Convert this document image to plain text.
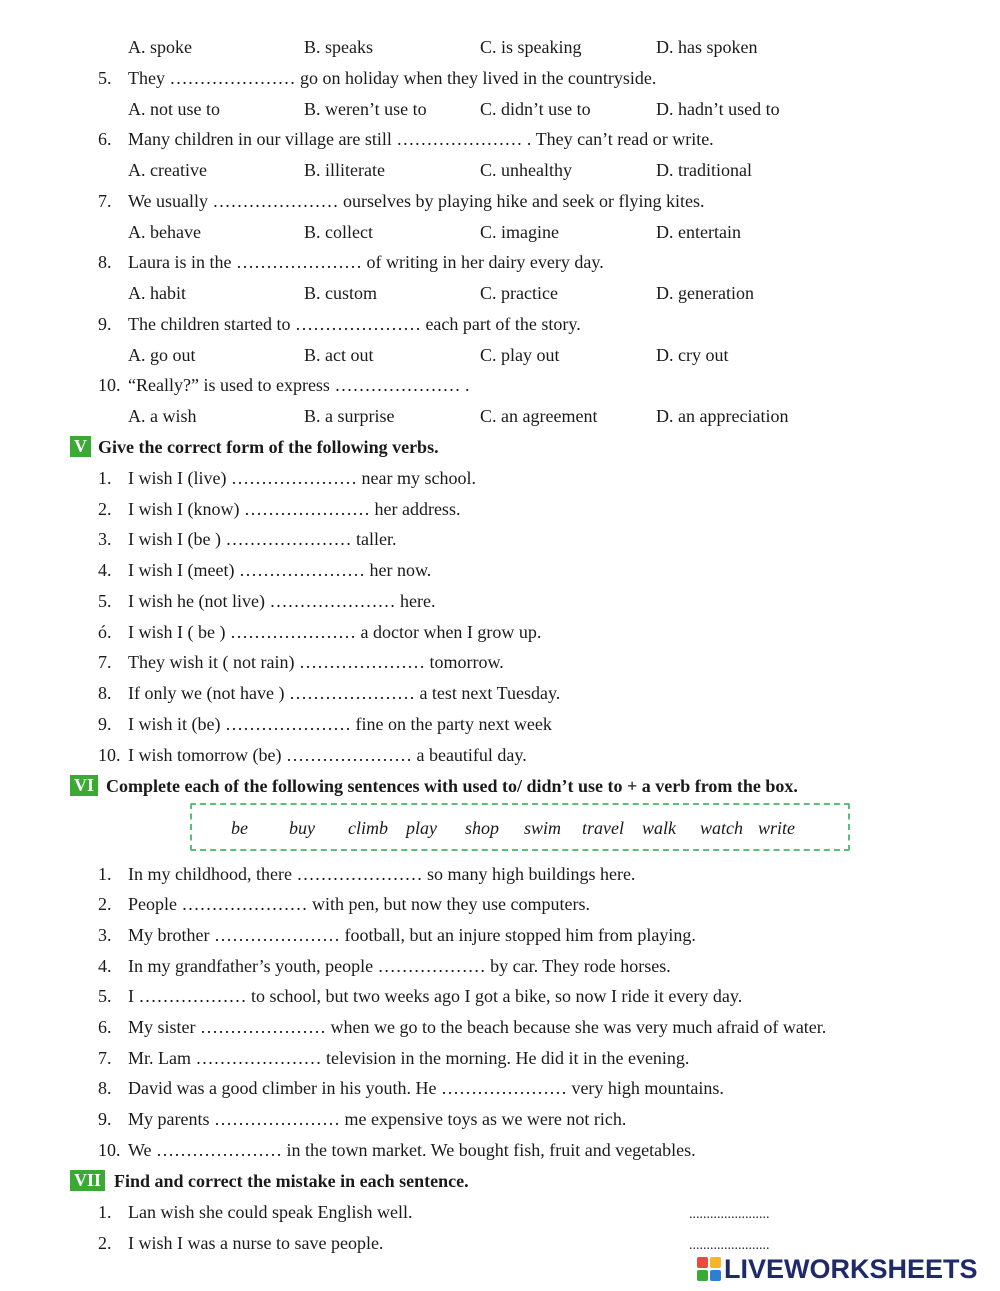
A. spoke	B. speaks	C. is speaking	D. has spoken
5. They ………………… go on holiday when they lived in the countryside.
A. not use to	B. weren’t use to	C. didn’t use to	D. hadn’t used to
6. Many children in our village are still ………………… . They can’t read or write.
A. creative	B. illiterate	C. unhealthy	D. traditional
7. We usually ………………… ourselves by playing hike and seek or flying kites.
A. behave	B. collect	C. imagine	D. entertain
8. Laura is in the ………………… of writing in her dairy every day.
A. habit	B. custom	C. practice	D. generation
9. The children started to ………………… each part of the story.
A. go out	B. act out	C. play out	D. cry out
10. “Really?” is used to express ………………… .
A. a wish	B. a surprise	C. an agreement	D. an appreciation
V Give the correct form of the following verbs.
1. I wish I (live) ………………… near my school.
2. I wish I (know) ………………… her address.
3. I wish I (be ) ………………… taller.
4. I wish I (meet) ………………… her now.
5. I wish he (not live) ………………… here.
ó. I wish I ( be ) ………………… a doctor when I grow up.
7. They wish it ( not rain) ………………… tomorrow.
8. If only we (not have ) ………………… a test next Tuesday.
9. I wish it (be) ………………… fine on the party next week
10. I wish tomorrow (be) ………………… a beautiful day.
VI Complete each of the following sentences with used to/ didn’t use to + a verb from the box.
be buy climb play shop swim travel walk watch write
1. In my childhood, there ………………… so many high buildings here.
2. People ………………… with pen, but now they use computers.
3. My brother ………………… football, but an injure stopped him from playing.
4. In my grandfather’s youth, people ……………… by car. They rode horses.
5. I ……………… to school, but two weeks ago I got a bike, so now I ride it every day.
6. My sister ………………… when we go to the beach because she was very much afraid of water.
7. Mr. Lam ………………… television in the morning. He did it in the evening.
8. David was a good climber in his youth. He ………………… very high mountains.
9. My parents ………………… me expensive toys as we were not rich.
10. We ………………… in the town market. We bought fish, fruit and vegetables.
VII Find and correct the mistake in each sentence.
1. Lan wish she could speak English well.	.......................
2. I wish I was a nurse to save people.	.......................
LIVEWORKSHEETS
